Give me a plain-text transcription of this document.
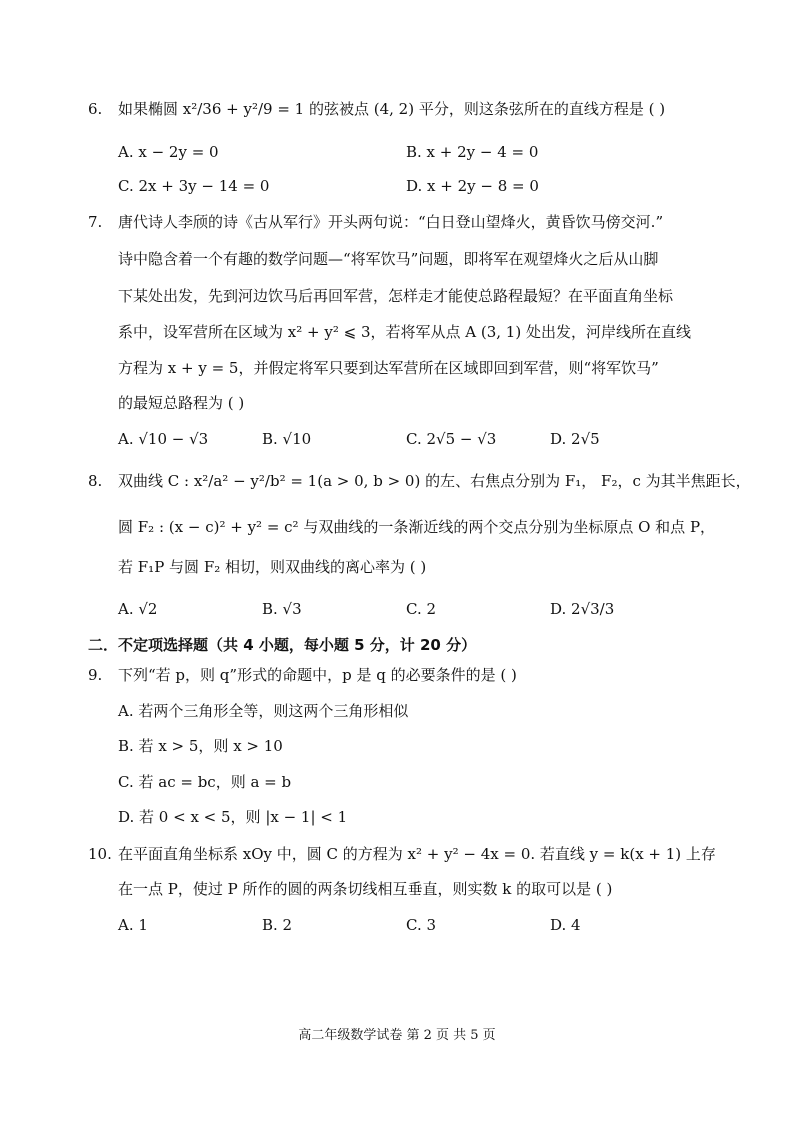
6. 如果椭圆 x²/36 + y²/9 = 1 的弦被点 (4, 2) 平分，则这条弦所在的直线方程是 ( )
A. x − 2y = 0	B. x + 2y − 4 = 0
C. 2x + 3y − 14 = 0	D. x + 2y − 8 = 0
7. 唐代诗人李颀的诗《古从军行》开头两句说：“白日登山望烽火，黄昏饮马傍交河.”
诗中隐含着一个有趣的数学问题—“将军饮马”问题，即将军在观望烽火之后从山脚
下某处出发，先到河边饮马后再回军营，怎样走才能使总路程最短？在平面直角坐标
系中，设军营所在区域为 x² + y² ⩽ 3，若将军从点 A (3, 1) 处出发，河岸线所在直线
方程为 x + y = 5，并假定将军只要到达军营所在区域即回到军营，则“将军饮马”
的最短总路程为 ( )
A. √10 − √3	B. √10	C. 2√5 − √3	D. 2√5
8. 双曲线 C : x²/a² − y²/b² = 1(a > 0, b > 0) 的左、右焦点分别为 F₁， F₂，c 为其半焦距长，
圆 F₂ : (x − c)² + y² = c² 与双曲线的一条渐近线的两个交点分别为坐标原点 O 和点 P，
若 F₁P 与圆 F₂ 相切，则双曲线的离心率为 ( )
A. √2	B. √3	C. 2	D. 2√3/3
二．不定项选择题（共 4 小题，每小题 5 分，计 20 分）
9. 下列“若 p，则 q”形式的命题中，p 是 q 的必要条件的是 ( )
A. 若两个三角形全等，则这两个三角形相似
B. 若 x > 5，则 x > 10
C. 若 ac = bc，则 a = b
D. 若 0 < x < 5，则 |x − 1| < 1
10. 在平面直角坐标系 xOy 中，圆 C 的方程为 x² + y² − 4x = 0. 若直线 y = k(x + 1) 上存
在一点 P，使过 P 所作的圆的两条切线相互垂直，则实数 k 的取可以是 ( )
A. 1	B. 2	C. 3	D. 4
高二年级数学试卷 第 2 页 共 5 页
